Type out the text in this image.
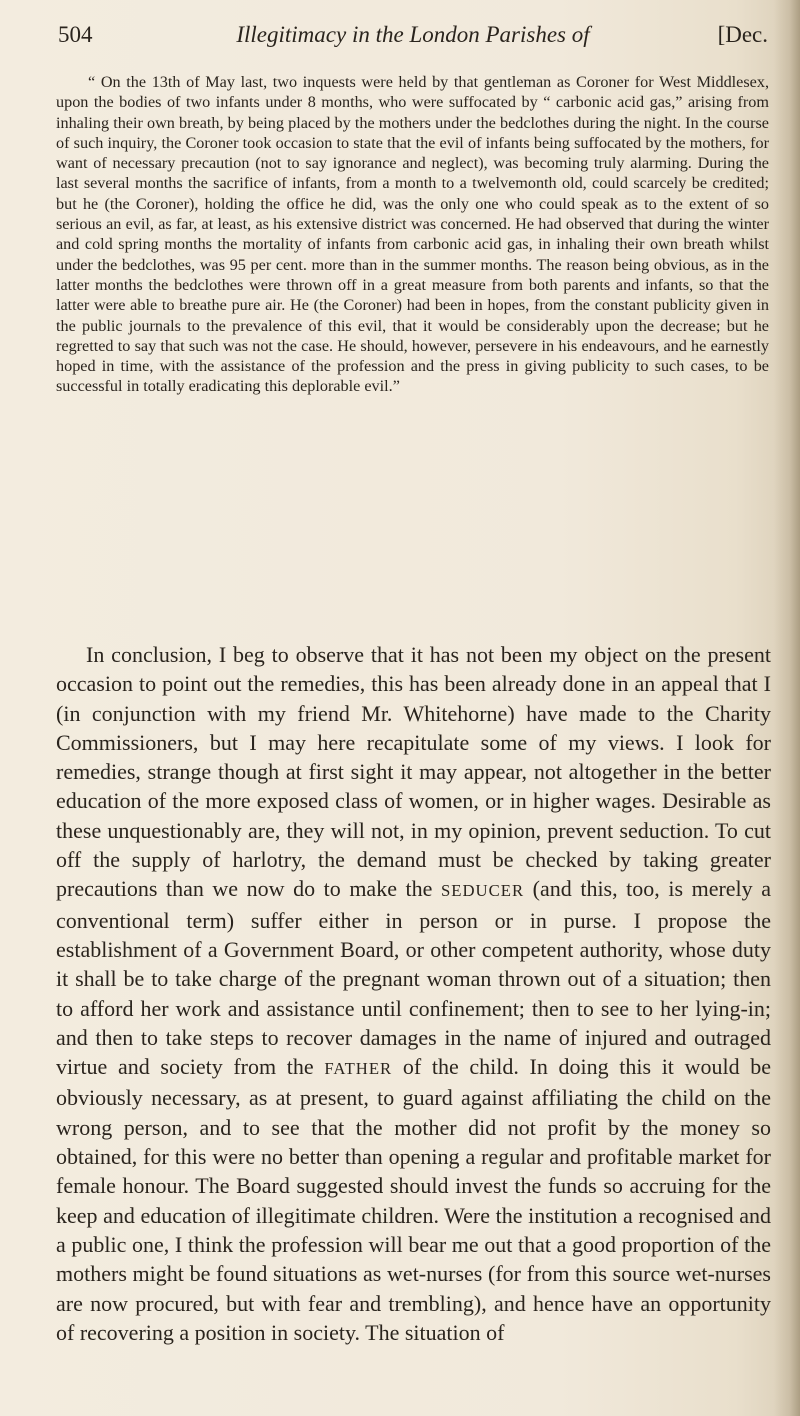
504	Illegitimacy in the London Parishes of	[Dec.

“ On the 13th of May last, two inquests were held by that gentleman as Coroner for West Middlesex, upon the bodies of two infants under 8 months, who were suffocated by “ carbonic acid gas,” arising from inhaling their own breath, by being placed by the mothers under the bedclothes during the night. In the course of such inquiry, the Coroner took occasion to state that the evil of infants being suffocated by the mothers, for want of necessary precaution (not to say ignorance and neglect), was becoming truly alarming. During the last several months the sacrifice of infants, from a month to a twelvemonth old, could scarcely be credited; but he (the Coroner), holding the office he did, was the only one who could speak as to the extent of so serious an evil, as far, at least, as his extensive district was concerned. He had observed that during the winter and cold spring months the mortality of infants from carbonic acid gas, in inhaling their own breath whilst under the bedclothes, was 95 per cent. more than in the summer months. The reason being obvious, as in the latter months the bedclothes were thrown off in a great measure from both parents and infants, so that the latter were able to breathe pure air. He (the Coroner) had been in hopes, from the constant publicity given in the public journals to the prevalence of this evil, that it would be considerably upon the decrease; but he regretted to say that such was not the case. He should, however, persevere in his endeavours, and he earnestly hoped in time, with the assistance of the profession and the press in giving publicity to such cases, to be successful in totally eradicating this deplorable evil.”

In conclusion, I beg to observe that it has not been my object on the present occasion to point out the remedies, this has been already done in an appeal that I (in conjunction with my friend Mr. Whitehorne) have made to the Charity Commissioners, but I may here recapitulate some of my views. I look for remedies, strange though at first sight it may appear, not altogether in the better education of the more exposed class of women, or in higher wages. Desirable as these unquestionably are, they will not, in my opinion, prevent seduction. To cut off the supply of harlotry, the demand must be checked by taking greater precautions than we now do to make the SEDUCER (and this, too, is merely a conventional term) suffer either in person or in purse. I propose the establishment of a Government Board, or other competent authority, whose duty it shall be to take charge of the pregnant woman thrown out of a situation; then to afford her work and assistance until confinement; then to see to her lying-in; and then to take steps to recover damages in the name of injured and outraged virtue and society from the FATHER of the child. In doing this it would be obviously necessary, as at present, to guard against affiliating the child on the wrong person, and to see that the mother did not profit by the money so obtained, for this were no better than opening a regular and profitable market for female honour. The Board suggested should invest the funds so accruing for the keep and education of illegitimate children. Were the institution a recognised and a public one, I think the profession will bear me out that a good proportion of the mothers might be found situations as wet-nurses (for from this source wet-nurses are now procured, but with fear and trembling), and hence have an opportunity of recovering a position in society. The situation of
